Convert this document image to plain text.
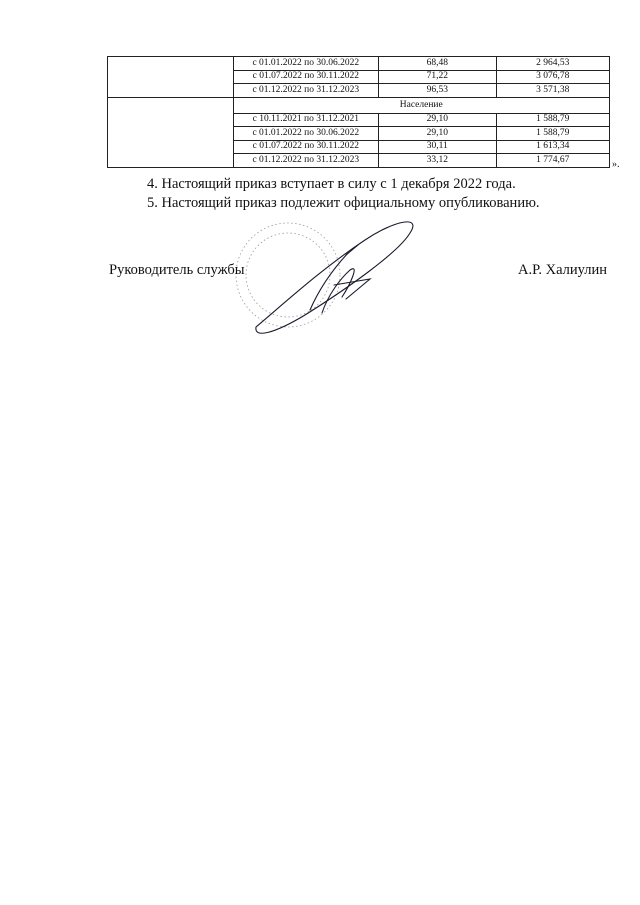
	с 01.01.2022 по 30.06.2022	68,48	2 964,53
	с 01.07.2022 по 30.11.2022	71,22	3 076,78
	с 01.12.2022 по 31.12.2023	96,53	3 571,38
	Население		
	с 10.11.2021 по 31.12.2021	29,10	1 588,79
	с 01.01.2022 по 30.06.2022	29,10	1 588,79
	с 01.07.2022 по 30.11.2022	30,11	1 613,34
	с 01.12.2022 по 31.12.2023	33,12	1 774,67	».
4. Настоящий приказ вступает в силу с 1 декабря 2022 года.
5. Настоящий приказ подлежит официальному опубликованию.
Руководитель службы	А.Р. Халиулин
